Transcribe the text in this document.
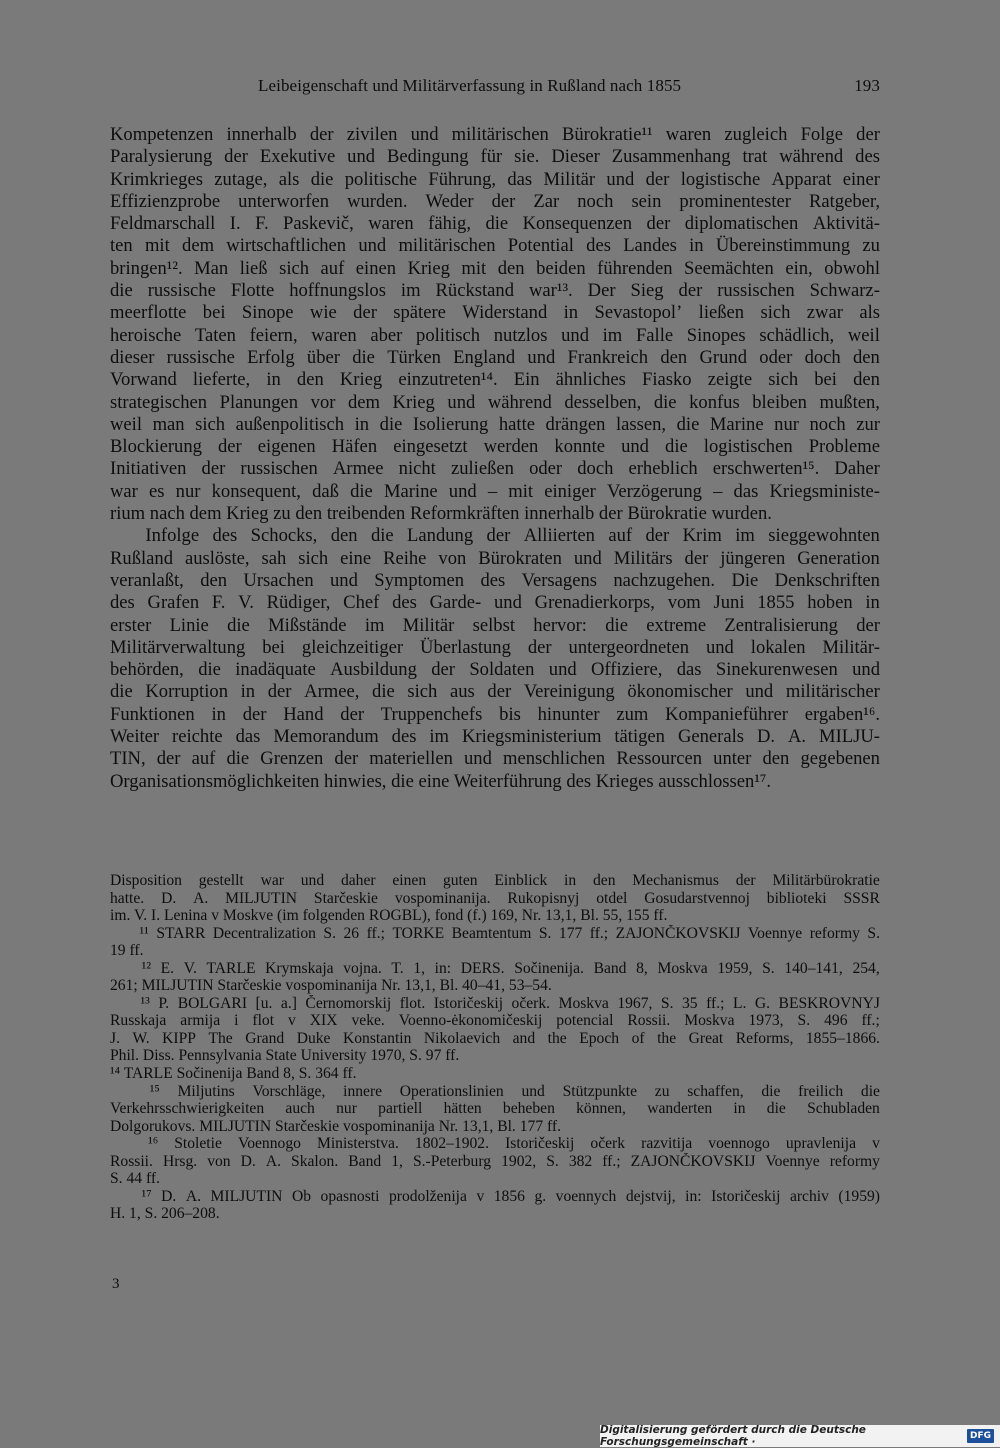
Leibeigenschaft und Militärverfassung in Rußland nach 1855	193
Kompetenzen innerhalb der zivilen und militärischen Bürokratie¹¹ waren zugleich Folge der
Paralysierung der Exekutive und Bedingung für sie. Dieser Zusammenhang trat während des
Krimkrieges zutage, als die politische Führung, das Militär und der logistische Apparat einer
Effizienzprobe unterworfen wurden. Weder der Zar noch sein prominentester Ratgeber,
Feldmarschall I. F. Paskevič, waren fähig, die Konsequenzen der diplomatischen Aktivitä-
ten mit dem wirtschaftlichen und militärischen Potential des Landes in Übereinstimmung zu
bringen¹². Man ließ sich auf einen Krieg mit den beiden führenden Seemächten ein, obwohl
die russische Flotte hoffnungslos im Rückstand war¹³. Der Sieg der russischen Schwarz-
meerflotte bei Sinope wie der spätere Widerstand in Sevastopol’ ließen sich zwar als
heroische Taten feiern, waren aber politisch nutzlos und im Falle Sinopes schädlich, weil
dieser russische Erfolg über die Türken England und Frankreich den Grund oder doch den
Vorwand lieferte, in den Krieg einzutreten¹⁴. Ein ähnliches Fiasko zeigte sich bei den
strategischen Planungen vor dem Krieg und während desselben, die konfus bleiben mußten,
weil man sich außenpolitisch in die Isolierung hatte drängen lassen, die Marine nur noch zur
Blockierung der eigenen Häfen eingesetzt werden konnte und die logistischen Probleme
Initiativen der russischen Armee nicht zuließen oder doch erheblich erschwerten¹⁵. Daher
war es nur konsequent, daß die Marine und – mit einiger Verzögerung – das Kriegsministe-
rium nach dem Krieg zu den treibenden Reformkräften innerhalb der Bürokratie wurden.
Infolge des Schocks, den die Landung der Alliierten auf der Krim im sieggewohnten
Rußland auslöste, sah sich eine Reihe von Bürokraten und Militärs der jüngeren Generation
veranlaßt, den Ursachen und Symptomen des Versagens nachzugehen. Die Denkschriften
des Grafen F. V. Rüdiger, Chef des Garde- und Grenadierkorps, vom Juni 1855 hoben in
erster Linie die Mißstände im Militär selbst hervor: die extreme Zentralisierung der
Militärverwaltung bei gleichzeitiger Überlastung der untergeordneten und lokalen Militär-
behörden, die inadäquate Ausbildung der Soldaten und Offiziere, das Sinekurenwesen und
die Korruption in der Armee, die sich aus der Vereinigung ökonomischer und militärischer
Funktionen in der Hand der Truppenchefs bis hinunter zum Kompanieführer ergaben¹⁶.
Weiter reichte das Memorandum des im Kriegsministerium tätigen Generals D. A. MILJU-
TIN, der auf die Grenzen der materiellen und menschlichen Ressourcen unter den gegebenen
Organisationsmöglichkeiten hinwies, die eine Weiterführung des Krieges ausschlossen¹⁷.
Disposition gestellt war und daher einen guten Einblick in den Mechanismus der Militärbürokratie
hatte. D. A. MILJUTIN Starčeskie vospominanija. Rukopisnyj otdel Gosudarstvennoj biblioteki SSSR
im. V. I. Lenina v Moskve (im folgenden ROGBL), fond (f.) 169, Nr. 13,1, Bl. 55, 155 ff.
¹¹ STARR Decentralization S. 26 ff.; TORKE Beamtentum S. 177 ff.; ZAJONČKOVSKIJ Voennye reformy S.
19 ff.
¹² E. V. TARLE Krymskaja vojna. T. 1, in: DERS. Sočinenija. Band 8, Moskva 1959, S. 140–141, 254,
261; MILJUTIN Starčeskie vospominanija Nr. 13,1, Bl. 40–41, 53–54.
¹³ P. BOLGARI [u. a.] Černomorskij flot. Istoričeskij očerk. Moskva 1967, S. 35 ff.; L. G. BESKROVNYJ
Russkaja armija i flot v XIX veke. Voenno-ėkonomičeskij potencial Rossii. Moskva 1973, S. 496 ff.;
J. W. KIPP The Grand Duke Konstantin Nikolaevich and the Epoch of the Great Reforms, 1855–1866.
Phil. Diss. Pennsylvania State University 1970, S. 97 ff.
¹⁴ TARLE Sočinenija Band 8, S. 364 ff.
¹⁵ Miljutins Vorschläge, innere Operationslinien und Stützpunkte zu schaffen, die freilich die
Verkehrsschwierigkeiten auch nur partiell hätten beheben können, wanderten in die Schubladen
Dolgorukovs. MILJUTIN Starčeskie vospominanija Nr. 13,1, Bl. 177 ff.
¹⁶ Stoletie Voennogo Ministerstva. 1802–1902. Istoričeskij očerk razvitija voennogo upravlenija v
Rossii. Hrsg. von D. A. Skalon. Band 1, S.-Peterburg 1902, S. 382 ff.; ZAJONČKOVSKIJ Voennye reformy
S. 44 ff.
¹⁷ D. A. MILJUTIN Ob opasnosti prodolženija v 1856 g. voennych dejstvij, in: Istoričeskij archiv (1959)
H. 1, S. 206–208.
3
Digitalisierung gefördert durch die Deutsche Forschungsgemeinschaft ·	DFG
